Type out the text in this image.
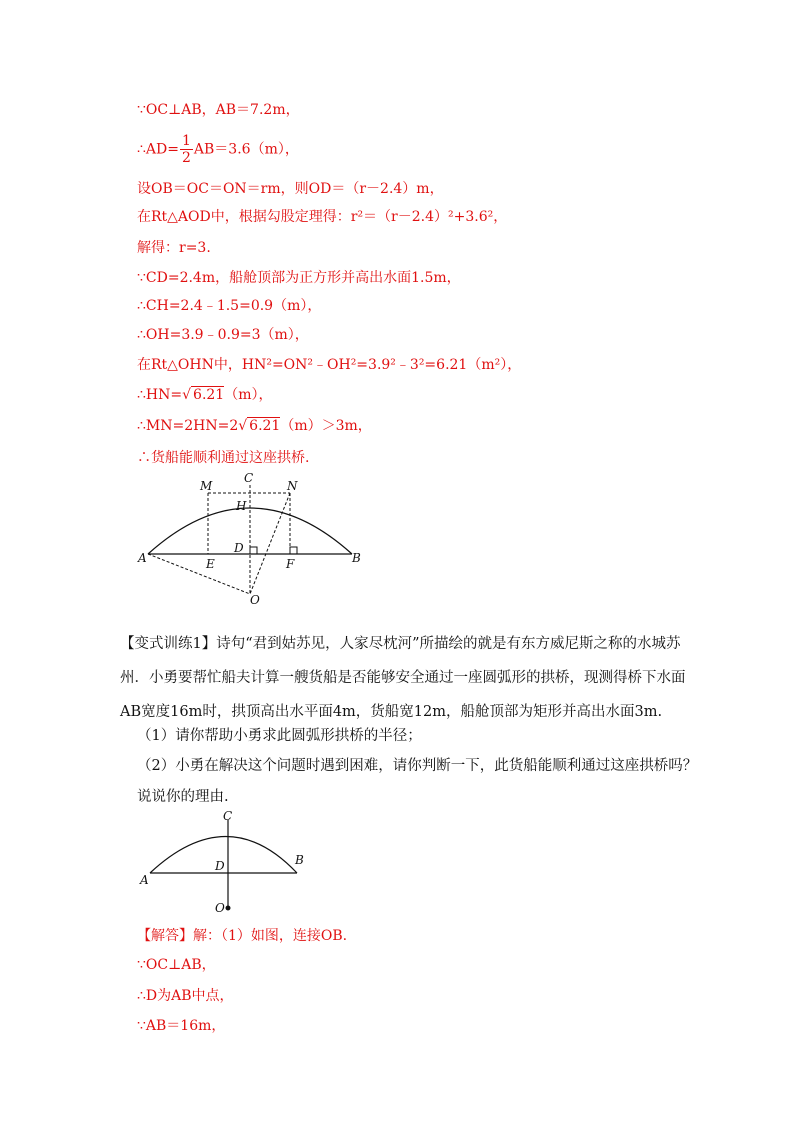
∵OC⊥AB，AB＝7.2m，
∴AD= $\frac{1}{2} AB=3.6(m)$，
设OB＝OC＝ON＝rm，则OD＝（r－2.4）m，
在Rt△AOD中，根据勾股定理得：r²＝（r－2.4）²+3.6²，
解得：r=3.
∵CD=2.4m，船舱顶部为正方形并高出水面1.5m，
∴CH=2.4﹣1.5=0.9（m），
∴OH=3.9﹣0.9=3（m），
在Rt△OHN中，HN²=ON²﹣OH²=3.9²﹣3²=6.21（m²），
∴HN=√ 6.21（m），
∴MN=2HN=2√ 6.21（m）＞3m，
∴货船能顺利通过这座拱桥.
M
C
N
H
D
A	E	F	B
O
【变式训练1】诗句“君到姑苏见，人家尽枕河”所描绘的就是有东方威尼斯之称的水城苏
州．小勇要帮忙船夫计算一艘货船是否能够安全通过一座圆弧形的拱桥，现测得桥下水面
AB宽度16m时，拱顶高出水平面4m，货船宽12m，船舱顶部为矩形并高出水面3m.
（1）请你帮助小勇求此圆弧形拱桥的半径；
（2）小勇在解决这个问题时遇到困难，请你判断一下，此货船能顺利通过这座拱桥吗？
说说你的理由.
C
B
D
A
O
【解答】解：（1）如图，连接OB.
∵OC⊥AB，
∴D为AB中点，
∵AB＝16m，
